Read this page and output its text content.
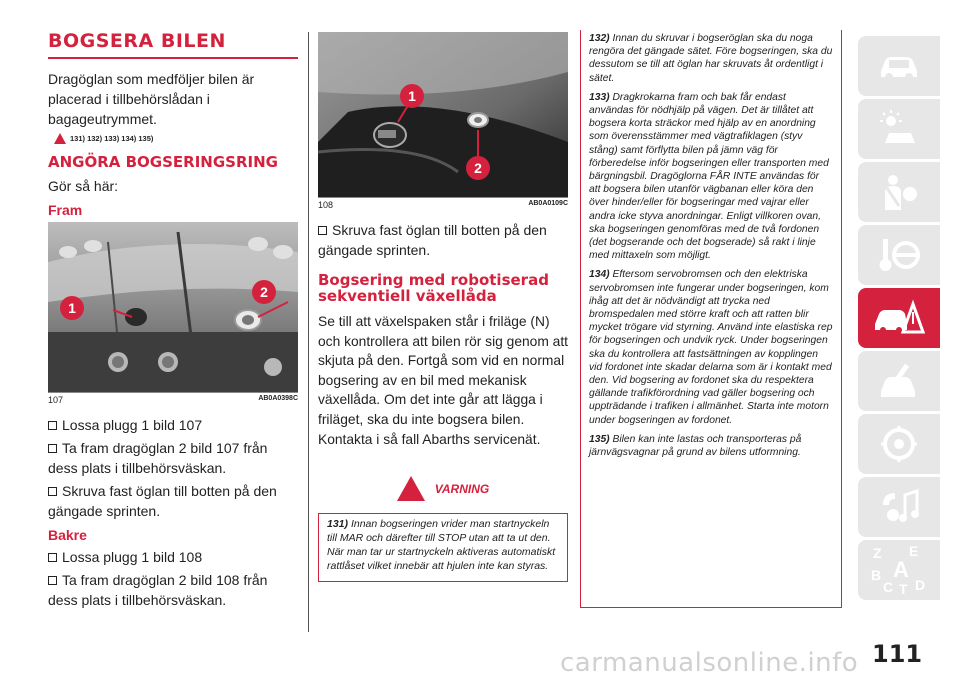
BOGSERA BILEN
Dragöglan som medföljer bilen är placerad i tillbehörslådan i bagageutrymmet.
131) 132) 133) 134) 135)
ANGÖRA BOGSERINGSRING
Gör så här:
Fram
1
2
107	AB0A0398C
Lossa plugg 1 bild 107
Ta fram dragöglan 2 bild 107 från dess plats i tillbehörsväskan.
Skruva fast öglan till botten på den gängade sprinten.
Bakre
Lossa plugg 1 bild 108
Ta fram dragöglan 2 bild 108 från dess plats i tillbehörsväskan.
1
2
108	AB0A0109C
Skruva fast öglan till botten på den gängade sprinten.
Bogsering med robotiserad sekventiell växellåda
Se till att växelspaken står i friläge (N) och kontrollera att bilen rör sig genom att skjuta på den. Fortgå som vid en normal bogsering av en bil med mekanisk växellåda. Om det inte går att lägga i friläget, ska du inte bogsera bilen. Kontakta i så fall Abarths servicenät.
VARNING
131) Innan bogseringen vrider man startnyckeln till MAR och därefter till STOP utan att ta ut den. När man tar ur startnyckeln aktiveras automatiskt rattlåset vilket innebär att hjulen inte kan styras.
132) Innan du skruvar i bogseröglan ska du noga rengöra det gängade sätet. Före bogseringen, ska du dessutom se till att öglan har skruvats åt ordentligt i sätet.
133) Dragkrokarna fram och bak får endast användas för nödhjälp på vägen. Det är tillåtet att bogsera korta sträckor med hjälp av en anordning som överensstämmer med vägtrafiklagen (styv stång) samt förflytta bilen på jämn väg för förberedelse inför bogseringen eller transporten med bärgningsbil. Dragöglorna FÅR INTE användas för att bogsera bilen utanför vägbanan eller köra den över hinder/eller för bogseringar med vajrar eller andra icke styva anordningar. Enligt villkoren ovan, ska bogseringen genomföras med de två fordonen (det bogserande och det bogserade) så rakt i linje med mittaxeln som möjligt.
134) Eftersom servobromsen och den elektriska servobromsen inte fungerar under bogseringen, kom ihåg att det är nödvändigt att trycka ned bromspedalen med större kraft och att ratten blir mycket trögare vid styrning. Använd inte elastiska rep för bogseringen och undvik ryck. Under bogseringen ska du kontrollera att fastsättningen av kopplingen vid fordonet inte skadar delarna som är i kontakt med den. Vid bogsering av fordonet ska du respektera gällande trafikförordning vad gäller bogsering och uppträdande i trafiken i allmänhet. Starta inte motorn under bogseringen av fordonet.
135) Bilen kan inte lastas och transporteras på järnvägsvagnar på grund av bilens utformning.
Z E
A
B
C T D
carmanualsonline.info 111
